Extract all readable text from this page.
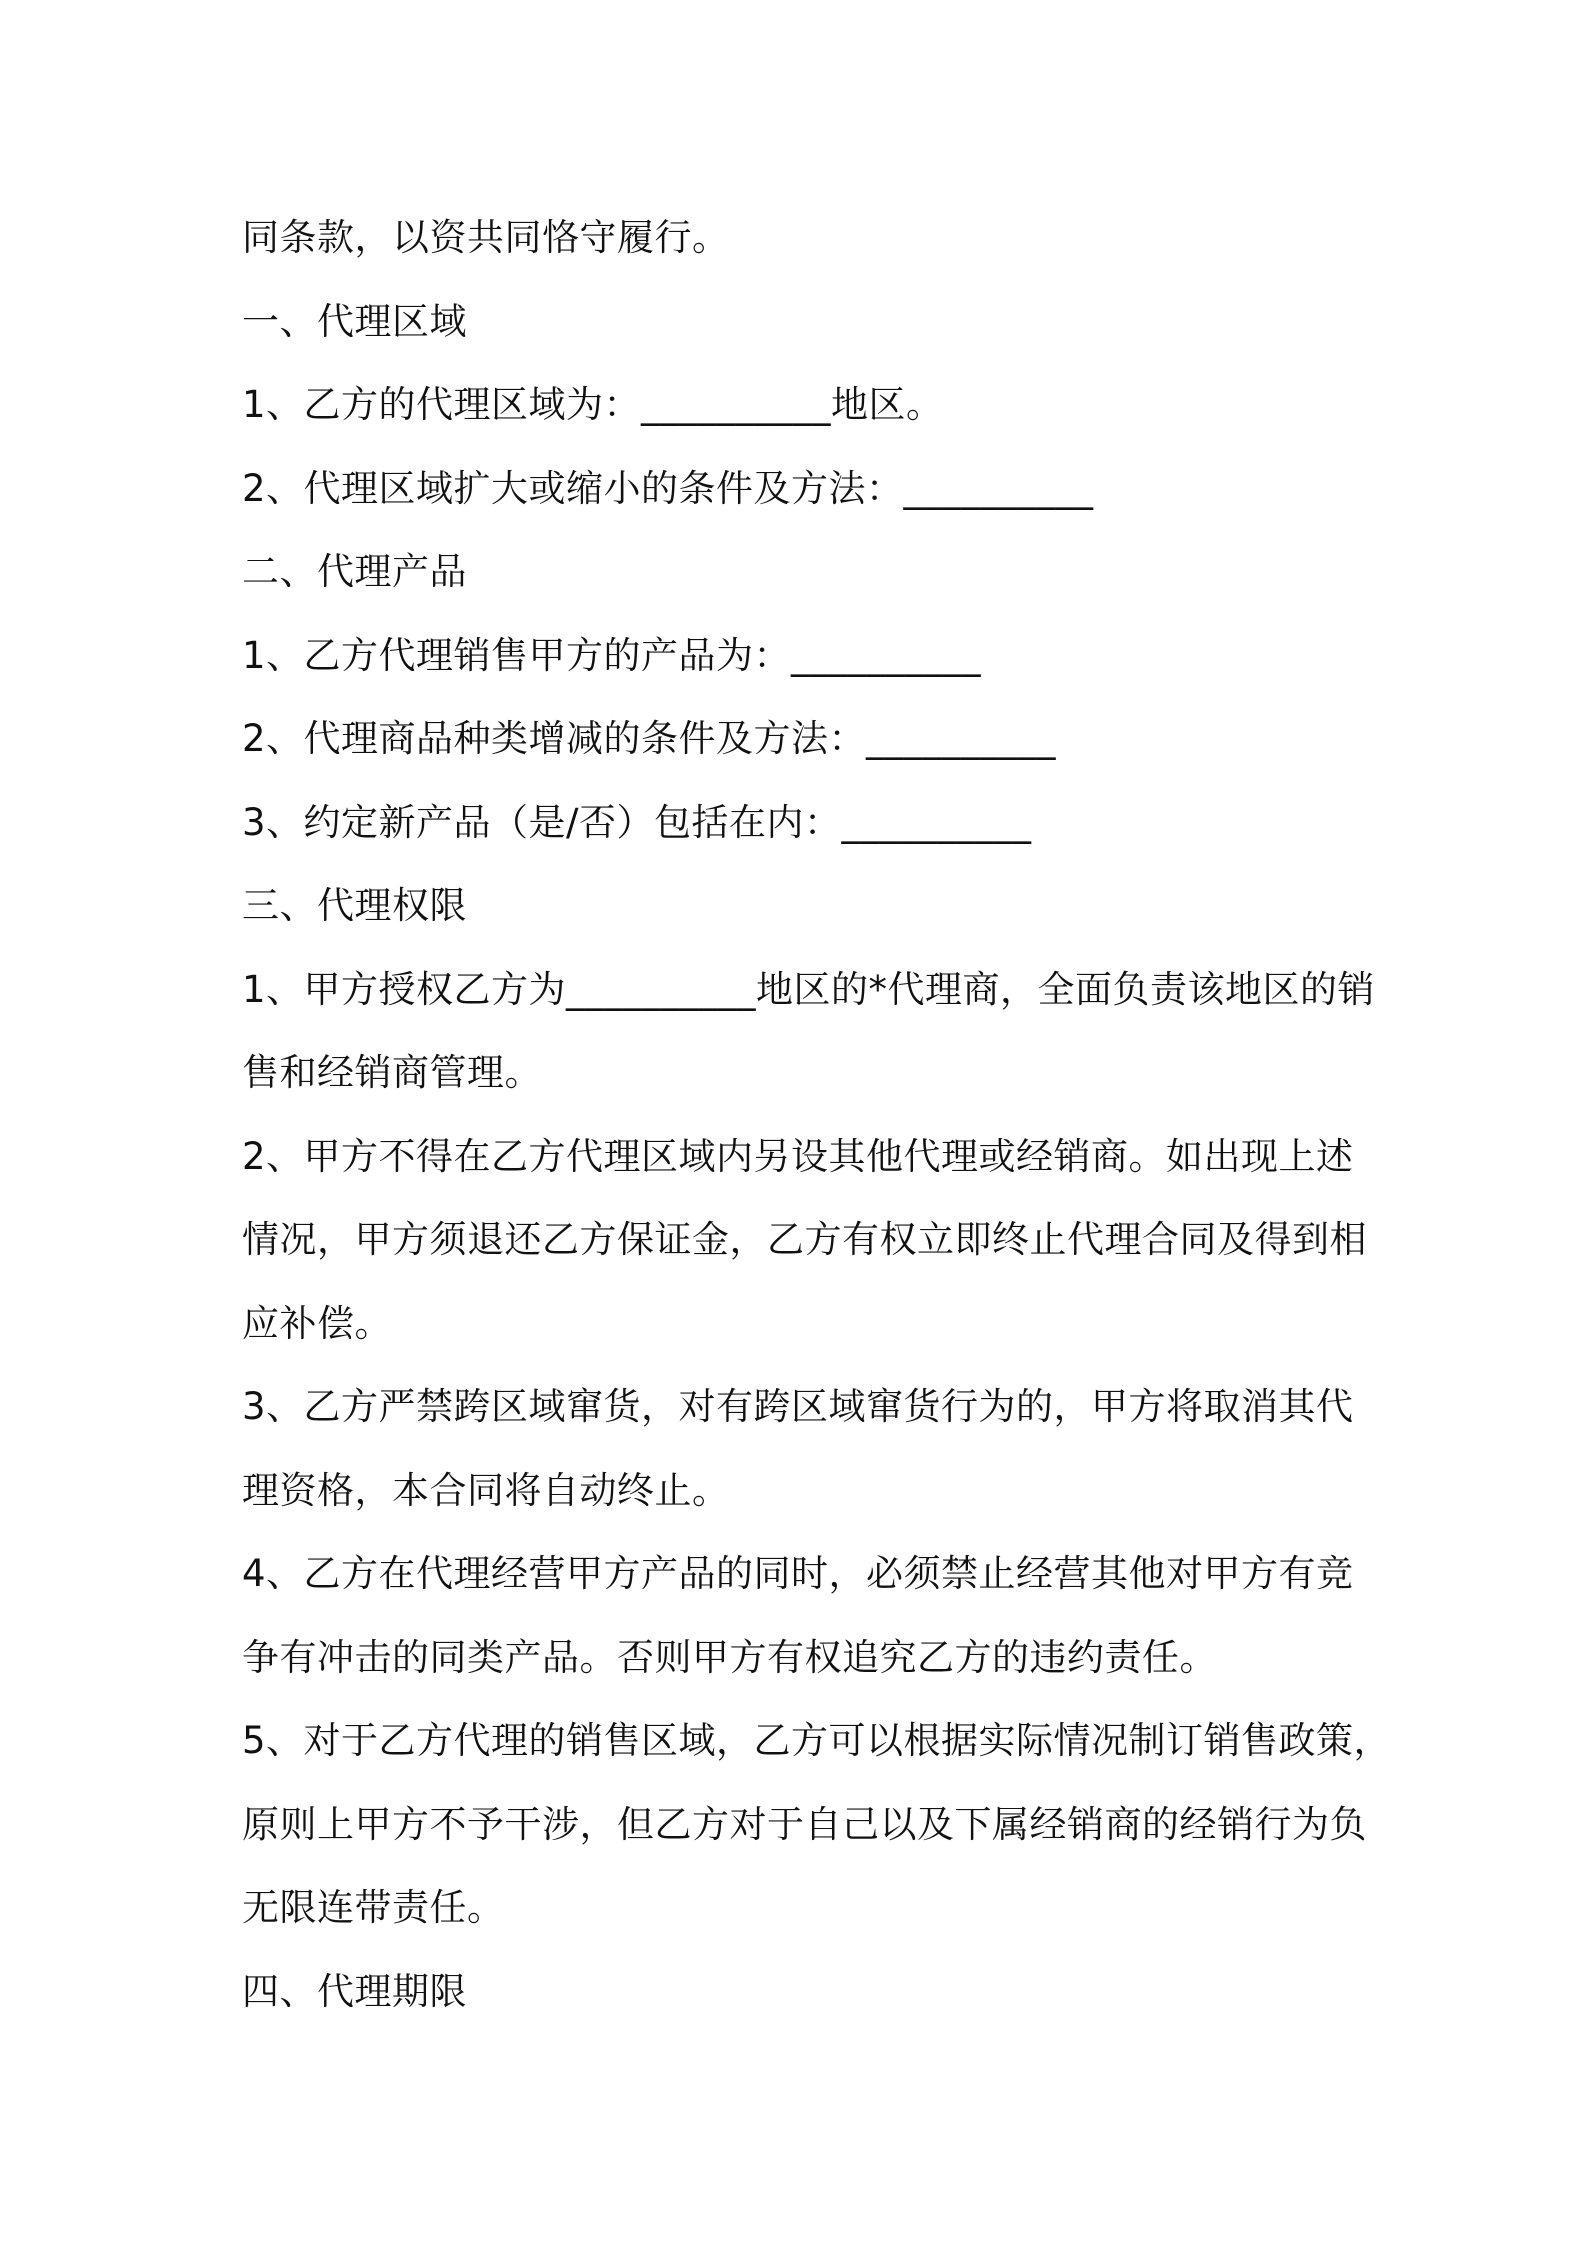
同条款，以资共同恪守履行。
一、代理区域
1、乙方的代理区域为：__________地区。
2、代理区域扩大或缩小的条件及方法：__________
二、代理产品
1、乙方代理销售甲方的产品为：__________
2、代理商品种类增减的条件及方法：__________
3、约定新产品（是/否）包括在内：__________
三、代理权限
1、甲方授权乙方为__________地区的*代理商，全面负责该地区的销
售和经销商管理。
2、甲方不得在乙方代理区域内另设其他代理或经销商。如出现上述
情况，甲方须退还乙方保证金，乙方有权立即终止代理合同及得到相
应补偿。
3、乙方严禁跨区域窜货，对有跨区域窜货行为的，甲方将取消其代
理资格，本合同将自动终止。
4、乙方在代理经营甲方产品的同时，必须禁止经营其他对甲方有竞
争有冲击的同类产品。否则甲方有权追究乙方的违约责任。
5、对于乙方代理的销售区域，乙方可以根据实际情况制订销售政策，
原则上甲方不予干涉，但乙方对于自己以及下属经销商的经销行为负
无限连带责任。
四、代理期限
